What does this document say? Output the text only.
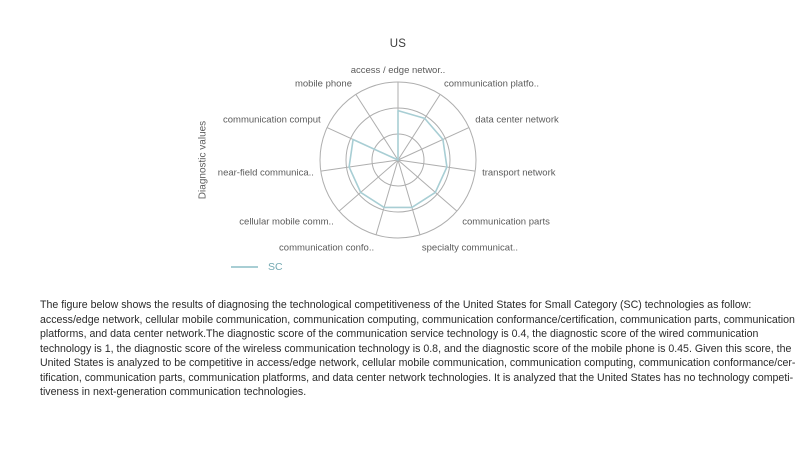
US
Diagnostic values
access / edge networ..
communication platfo..
data center network
transport network
communication parts
specialty communicat..
communication confo..
cellular mobile comm..
near-field communica..
communication comput
mobile phone
SC
The figure below shows the results of diagnosing the technological competitiveness of the United States for Small Category (SC) technologies as follow:
access/edge network, cellular mobile communication, communication computing, communication conformance/certification, communication parts, communication
platforms, and data center network.The diagnostic score of the communication service technology is 0.4, the diagnostic score of the wired communication
technology is 1, the diagnostic score of the wireless communication technology is 0.8, and the diagnostic score of the mobile phone is 0.45. Given this score, the
United States is analyzed to be competitive in access/edge network, cellular mobile communication, communication computing, communication conformance/cer-
tification, communication parts, communication platforms, and data center network technologies. It is analyzed that the United States has no technology competi-
tiveness in next-generation communication technologies.
